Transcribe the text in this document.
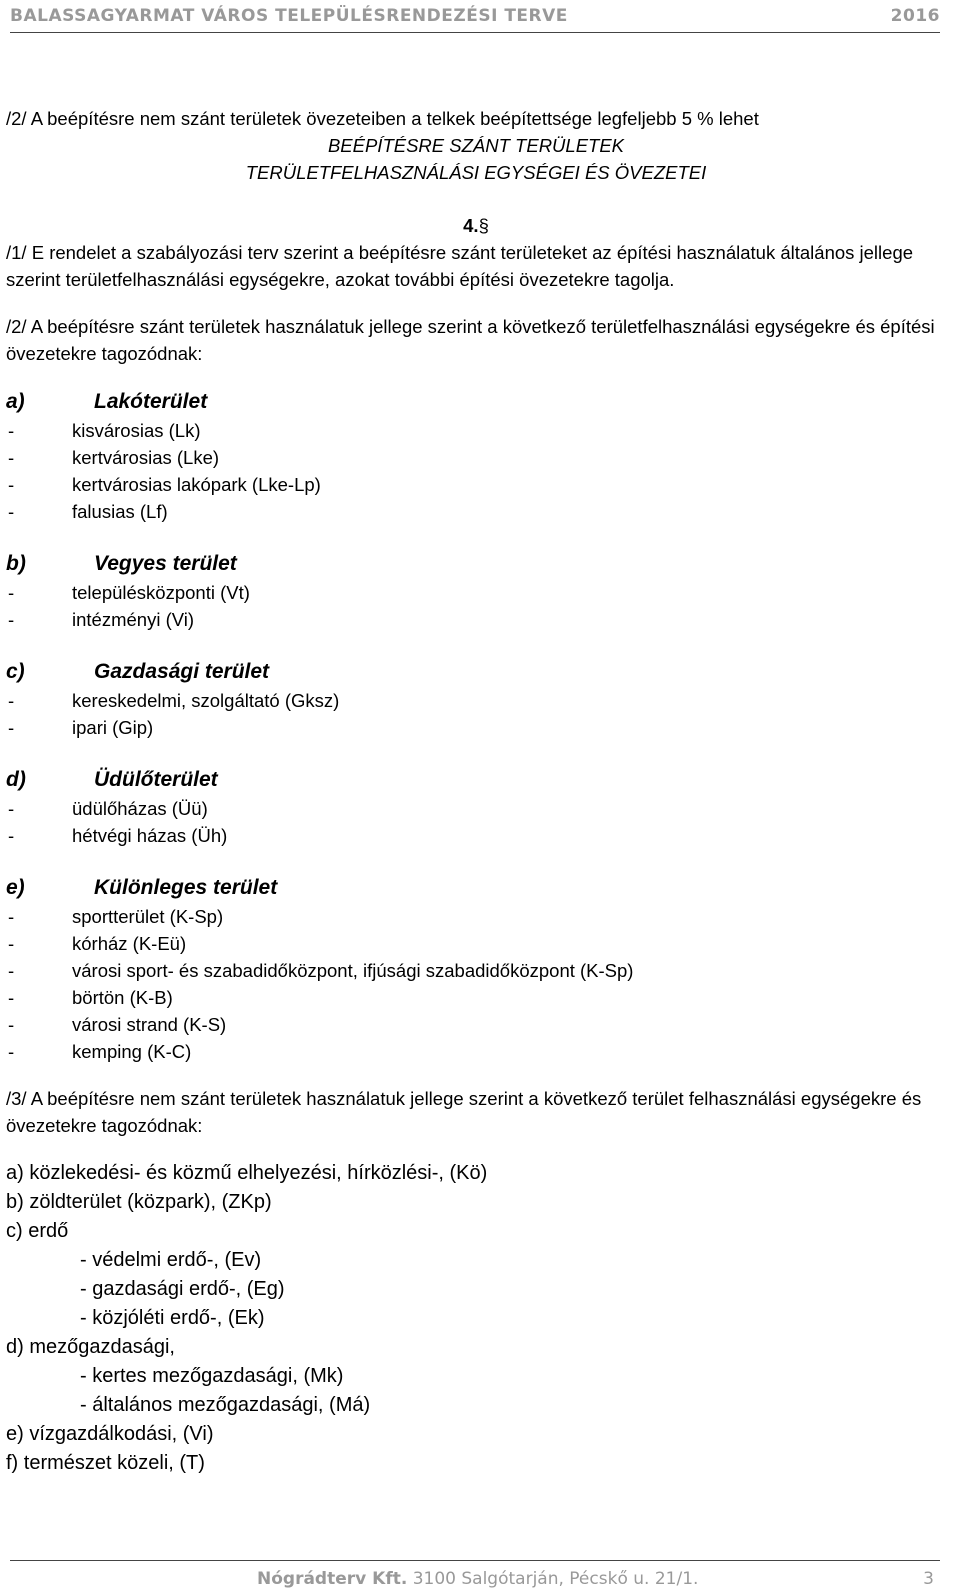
BALASSAGYARMAT VÁROS TELEPÜLÉSRENDEZÉSI TERVE	2016

/2/ A beépítésre nem szánt területek övezeteiben a telkek beépítettsége legfeljebb 5 % lehet

BEÉPÍTÉSRE SZÁNT TERÜLETEK

TERÜLETFELHASZNÁLÁSI EGYSÉGEI ÉS ÖVEZETEI

4.§

/1/ E rendelet a szabályozási terv szerint a beépítésre szánt területeket az építési használatuk általános jellege szerint területfelhasználási egységekre, azokat további építési övezetekre tagolja.

/2/ A beépítésre szánt területek használatuk jellege szerint a következő területfelhasználási egységekre és építési övezetekre tagozódnak:

a)	Lakóterület
-	kisvárosias (Lk)
-	kertvárosias (Lke)
-	kertvárosias lakópark (Lke-Lp)
-	falusias (Lf)
b)	Vegyes terület
-	településközponti (Vt)
-	intézményi (Vi)
c)	Gazdasági terület
-	kereskedelmi, szolgáltató (Gksz)
-	ipari (Gip)
d)	Üdülőterület
-	üdülőházas (Üü)
-	hétvégi házas (Üh)
e)	Különleges terület
-	sportterület (K-Sp)
-	kórház (K-Eü)
-	városi sport- és szabadidőközpont, ifjúsági szabadidőközpont (K-Sp)
-	börtön (K-B)
-	városi strand (K-S)
-	kemping (K-C)

/3/ A beépítésre nem szánt területek használatuk jellege szerint a következő terület felhasználási egységekre és övezetekre tagozódnak:

a) közlekedési- és közmű elhelyezési, hírközlési-, (Kö)

b) zöldterület (közpark), (ZKp)

c) erdő

- védelmi erdő-, (Ev)

- gazdasági erdő-, (Eg)

- közjóléti erdő-, (Ek)

d) mezőgazdasági,

- kertes mezőgazdasági, (Mk)

- általános mezőgazdasági, (Má)

e) vízgazdálkodási, (Vi)

f) természet közeli, (T)

Nógrádterv Kft. 3100 Salgótarján, Pécskő u. 21/1.	3
